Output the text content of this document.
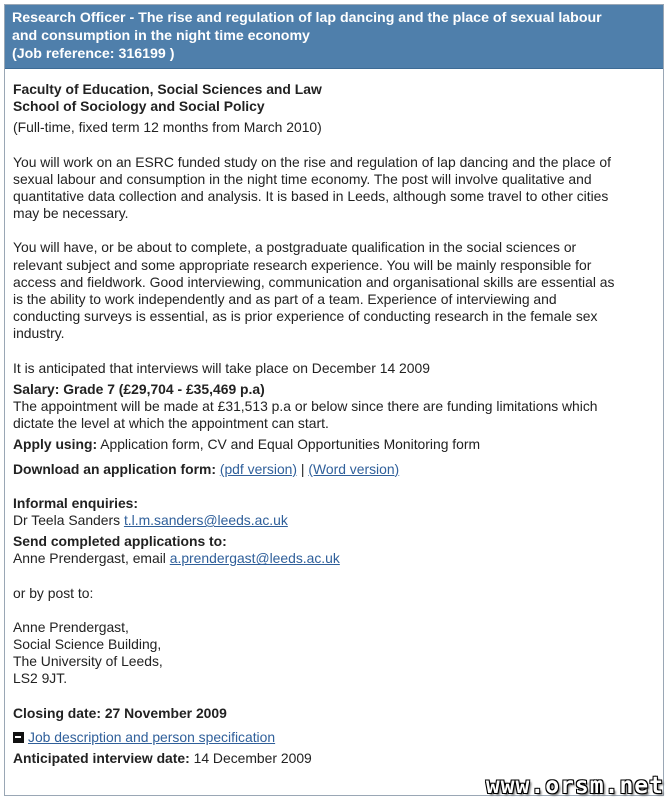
Research Officer - The rise and regulation of lap dancing and the place of sexual labour
and consumption in the night time economy
(Job reference: 316199 )
Faculty of Education, Social Sciences and Law
School of Sociology and Social Policy

(Full-time, fixed term 12 months from March 2010)

You will work on an ESRC funded study on the rise and regulation of lap dancing and the place of
sexual labour and consumption in the night time economy. The post will involve qualitative and
quantitative data collection and analysis. It is based in Leeds, although some travel to other cities
may be necessary.

You will have, or be about to complete, a postgraduate qualification in the social sciences or
relevant subject and some appropriate research experience. You will be mainly responsible for
access and fieldwork. Good interviewing, communication and organisational skills are essential as
is the ability to work independently and as part of a team. Experience of interviewing and
conducting surveys is essential, as is prior experience of conducting research in the female sex
industry.

It is anticipated that interviews will take place on December 14 2009

Salary: Grade 7 (£29,704 - £35,469 p.a)

The appointment will be made at £31,513 p.a or below since there are funding limitations which
dictate the level at which the appointment can start.

Apply using: Application form, CV and Equal Opportunities Monitoring form

Download an application form: (pdf version) | (Word version)

Informal enquiries:

Dr Teela Sanders t.l.m.sanders@leeds.ac.uk

Send completed applications to:

Anne Prendergast, email a.prendergast@leeds.ac.uk

or by post to:

Anne Prendergast,
Social Science Building,
The University of Leeds,
LS2 9JT.

Closing date: 27 November 2009

Job description and person specification

Anticipated interview date: 14 December 2009

www.orsm.net
